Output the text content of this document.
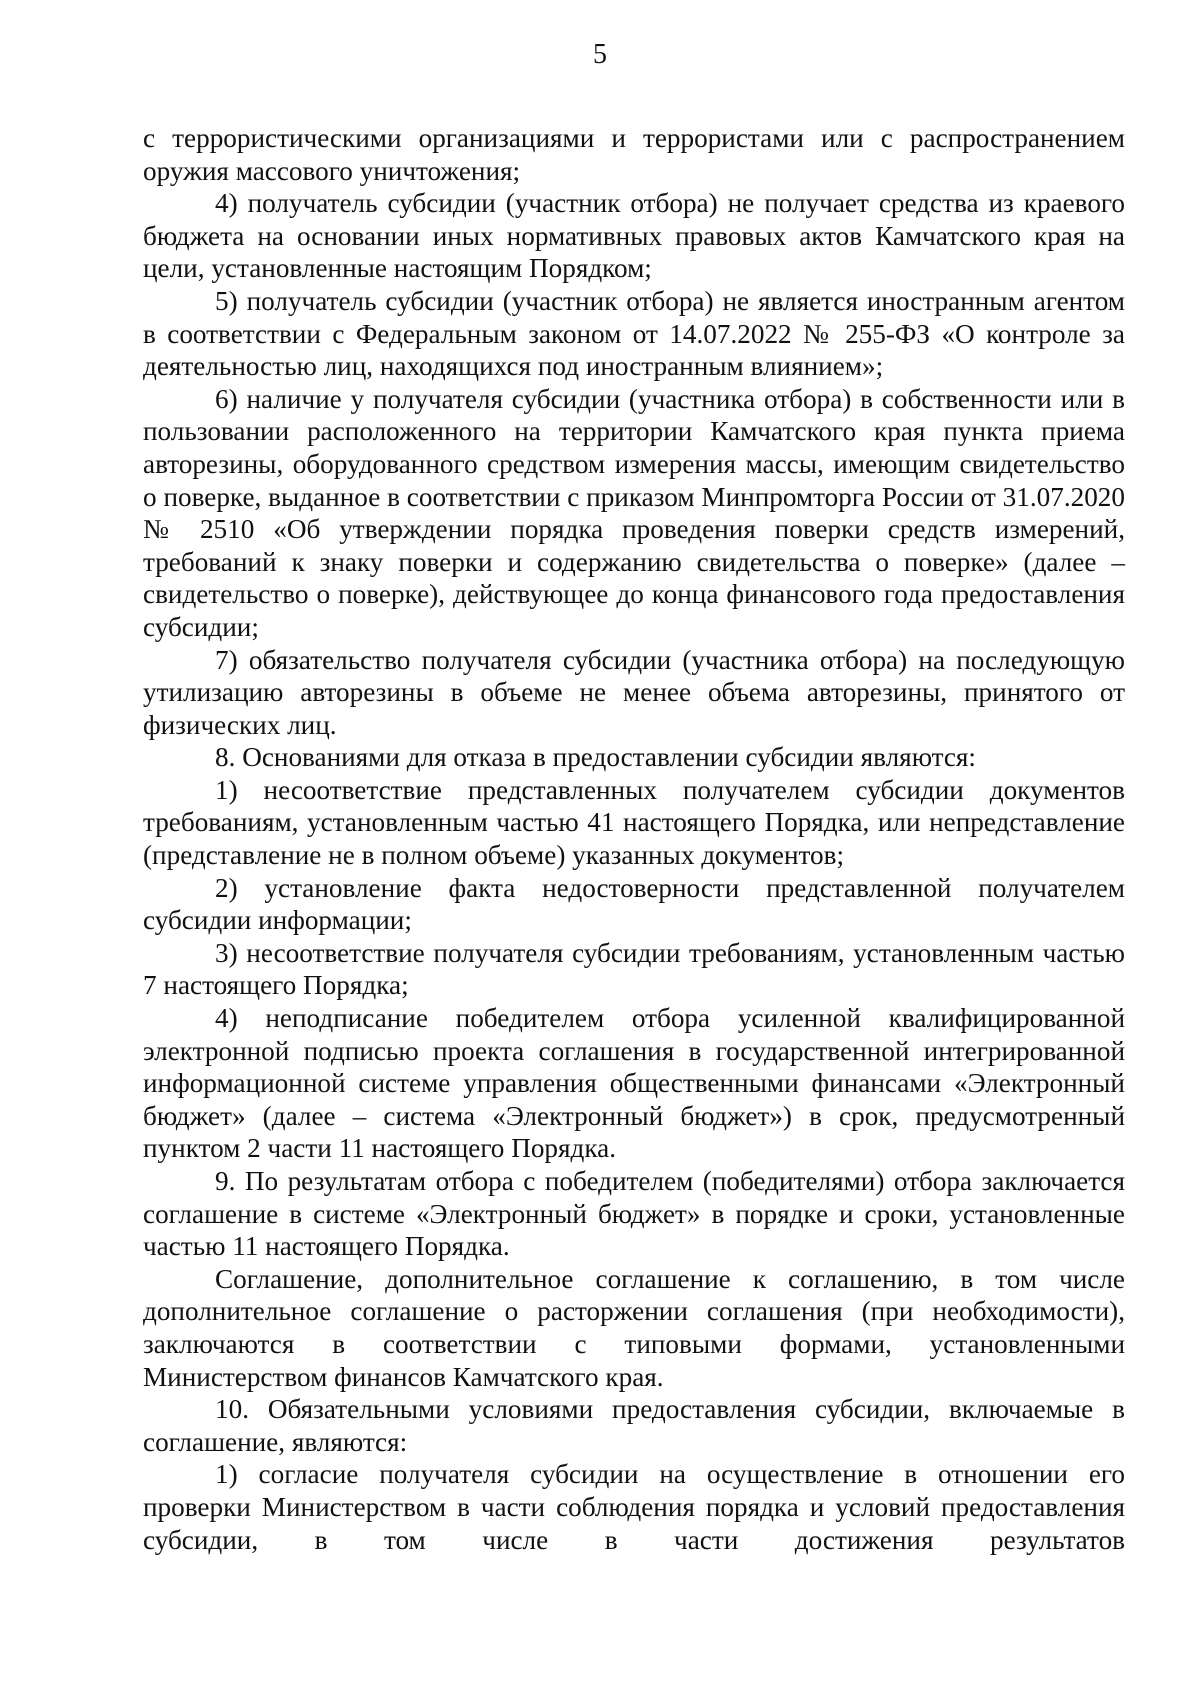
5

с террористическими организациями и террористами или с распространением оружия массового уничтожения;

4) получатель субсидии (участник отбора) не получает средства из краевого бюджета на основании иных нормативных правовых актов Камчатского края на цели, установленные настоящим Порядком;

5) получатель субсидии (участник отбора) не является иностранным агентом в соответствии с Федеральным законом от 14.07.2022 № 255-ФЗ «О контроле за деятельностью лиц, находящихся под иностранным влиянием»;

6) наличие у получателя субсидии (участника отбора) в собственности или в пользовании расположенного на территории Камчатского края пункта приема авторезины, оборудованного средством измерения массы, имеющим свидетельство о поверке, выданное в соответствии с приказом Минпромторга России от 31.07.2020 № 2510 «Об утверждении порядка проведения поверки средств измерений, требований к знаку поверки и содержанию свидетельства о поверке» (далее – свидетельство о поверке), действующее до конца финансового года предоставления субсидии;

7) обязательство получателя субсидии (участника отбора) на последующую утилизацию авторезины в объеме не менее объема авторезины, принятого от физических лиц.

8. Основаниями для отказа в предоставлении субсидии являются:

1) несоответствие представленных получателем субсидии документов требованиям, установленным частью 41 настоящего Порядка, или непредставление (представление не в полном объеме) указанных документов;

2) установление факта недостоверности представленной получателем субсидии информации;

3) несоответствие получателя субсидии требованиям, установленным частью 7 настоящего Порядка;

4) неподписание победителем отбора усиленной квалифицированной электронной подписью проекта соглашения в государственной интегрированной информационной системе управления общественными финансами «Электронный бюджет» (далее – система «Электронный бюджет») в срок, предусмотренный пунктом 2 части 11 настоящего Порядка.

9. По результатам отбора с победителем (победителями) отбора заключается соглашение в системе «Электронный бюджет» в порядке и сроки, установленные частью 11 настоящего Порядка.

Соглашение, дополнительное соглашение к соглашению, в том числе дополнительное соглашение о расторжении соглашения (при необходимости), заключаются в соответствии с типовыми формами, установленными Министерством финансов Камчатского края.

10. Обязательными условиями предоставления субсидии, включаемые в соглашение, являются:

1) согласие получателя субсидии на осуществление в отношении его проверки Министерством в части соблюдения порядка и условий предоставления субсидии, в том числе в части достижения результатов
